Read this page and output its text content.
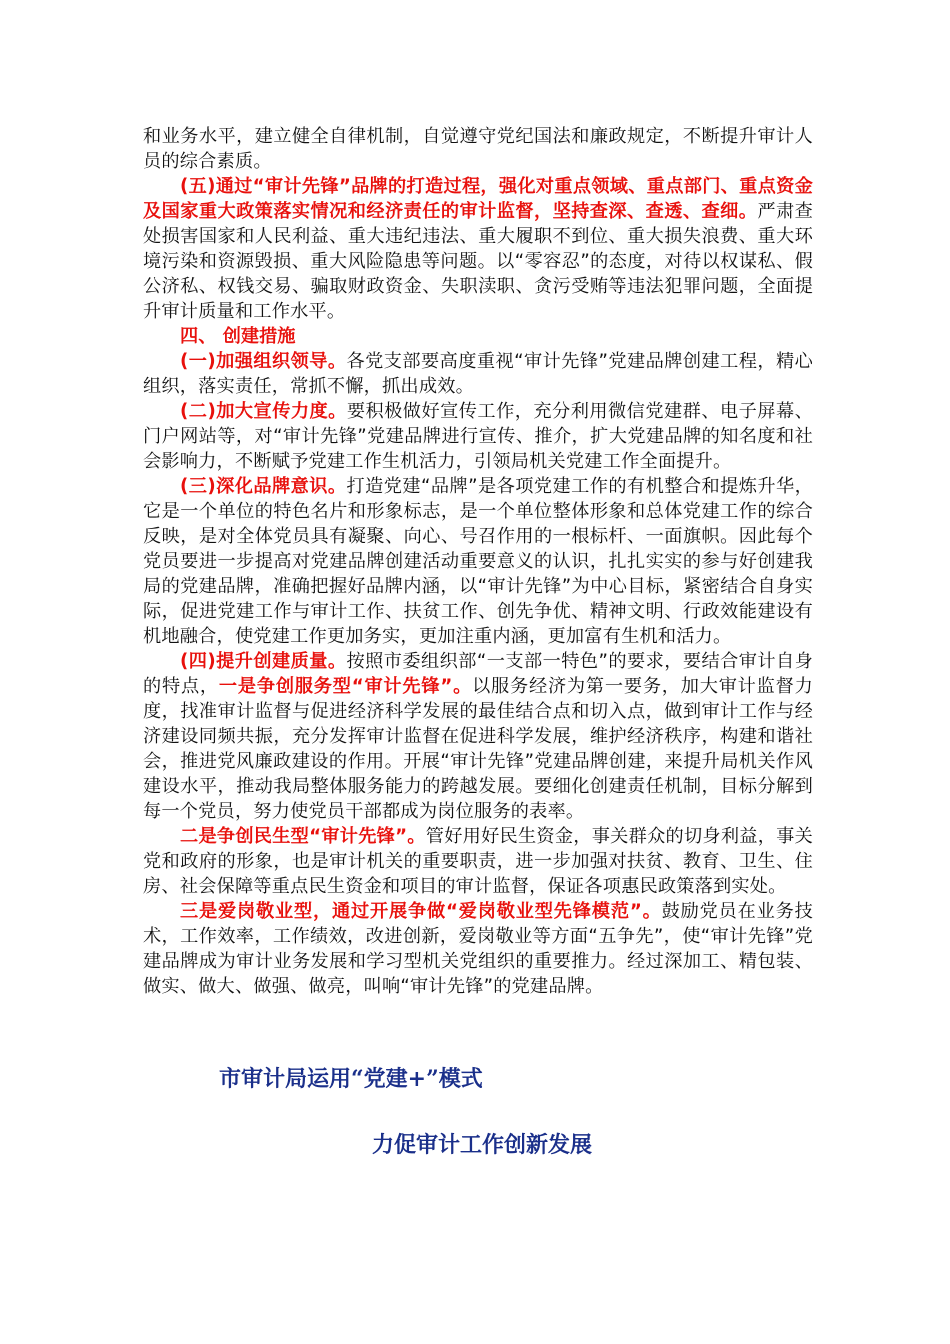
和业务水平，建立健全自律机制，自觉遵守党纪国法和廉政规定，不断提升审计人员的综合素质。

(五)通过“审计先锋”品牌的打造过程，强化对重点领域、重点部门、重点资金及国家重大政策落实情况和经济责任的审计监督，坚持查深、查透、查细。严肃查处损害国家和人民利益、重大违纪违法、重大履职不到位、重大损失浪费、重大环境污染和资源毁损、重大风险隐患等问题。以“零容忍”的态度，对待以权谋私、假公济私、权钱交易、骗取财政资金、失职渎职、贪污受贿等违法犯罪问题，全面提升审计质量和工作水平。

四、 创建措施

(一)加强组织领导。各党支部要高度重视“审计先锋”党建品牌创建工程，精心组织，落实责任，常抓不懈，抓出成效。

(二)加大宣传力度。要积极做好宣传工作，充分利用微信党建群、电子屏幕、门户网站等，对“审计先锋”党建品牌进行宣传、推介，扩大党建品牌的知名度和社会影响力，不断赋予党建工作生机活力，引领局机关党建工作全面提升。

(三)深化品牌意识。打造党建“品牌”是各项党建工作的有机整合和提炼升华，它是一个单位的特色名片和形象标志，是一个单位整体形象和总体党建工作的综合反映，是对全体党员具有凝聚、向心、号召作用的一根标杆、一面旗帜。因此每个党员要进一步提高对党建品牌创建活动重要意义的认识，扎扎实实的参与好创建我局的党建品牌，准确把握好品牌内涵，以“审计先锋”为中心目标，紧密结合自身实际，促进党建工作与审计工作、扶贫工作、创先争优、精神文明、行政效能建设有机地融合，使党建工作更加务实，更加注重内涵，更加富有生机和活力。

(四)提升创建质量。按照市委组织部“一支部一特色”的要求，要结合审计自身的特点，一是争创服务型“审计先锋”。以服务经济为第一要务，加大审计监督力度，找准审计监督与促进经济科学发展的最佳结合点和切入点，做到审计工作与经济建设同频共振，充分发挥审计监督在促进科学发展，维护经济秩序，构建和谐社会，推进党风廉政建设的作用。开展“审计先锋”党建品牌创建，来提升局机关作风建设水平，推动我局整体服务能力的跨越发展。要细化创建责任机制，目标分解到每一个党员，努力使党员干部都成为岗位服务的表率。

二是争创民生型“审计先锋”。管好用好民生资金，事关群众的切身利益，事关党和政府的形象，也是审计机关的重要职责，进一步加强对扶贫、教育、卫生、住房、社会保障等重点民生资金和项目的审计监督，保证各项惠民政策落到实处。

三是爱岗敬业型，通过开展争做“爱岗敬业型先锋模范”。鼓励党员在业务技术，工作效率，工作绩效，改进创新，爱岗敬业等方面“五争先”，使“审计先锋”党建品牌成为审计业务发展和学习型机关党组织的重要推力。经过深加工、精包装、做实、做大、做强、做亮，叫响“审计先锋”的党建品牌。

市审计局运用“党建+”模式
力促审计工作创新发展
